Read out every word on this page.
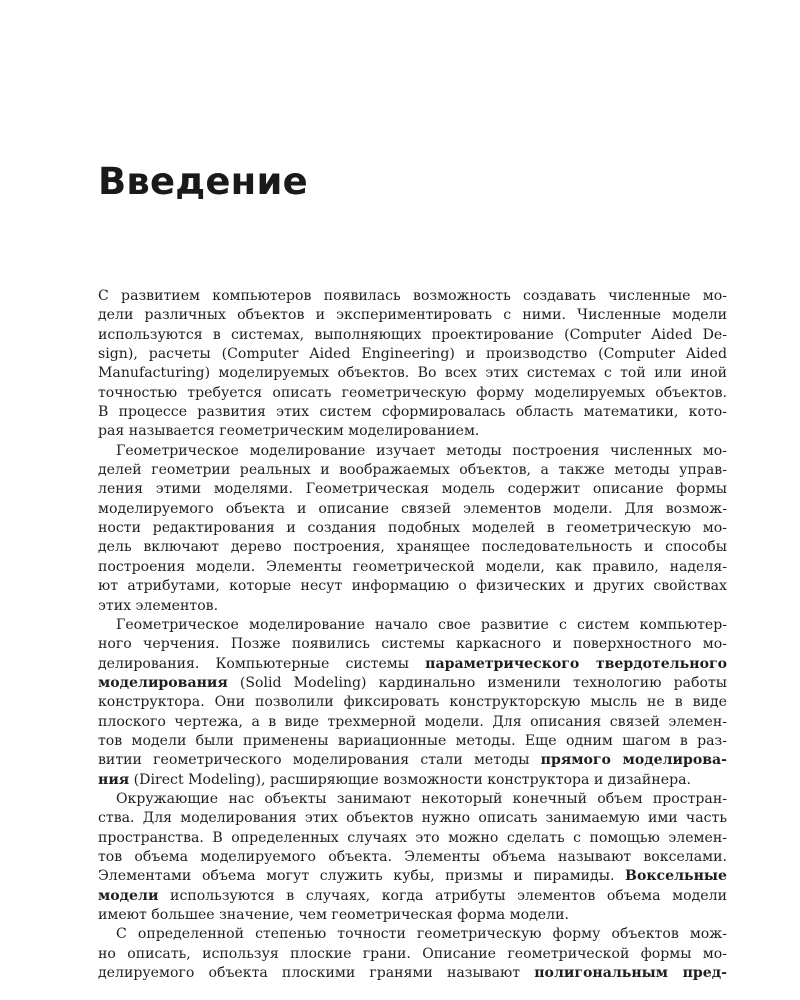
Введение

С развитием компьютеров появилась возможность создавать численные мо-
дели различных объектов и экспериментировать с ними. Численные модели
используются в системах, выполняющих проектирование (Computer Aided De-
sign), расчеты (Computer Aided Engineering) и производство (Computer Aided
Manufacturing) моделируемых объектов. Во всех этих системах с той или иной
точностью требуется описать геометрическую форму моделируемых объектов.
В процессе развития этих систем сформировалась область математики, кото-
рая называется геометрическим моделированием.

Геометрическое моделирование изучает методы построения численных мо-
делей геометрии реальных и воображаемых объектов, а также методы управ-
ления этими моделями. Геометрическая модель содержит описание формы
моделируемого объекта и описание связей элементов модели. Для возмож-
ности редактирования и создания подобных моделей в геометрическую мо-
дель включают дерево построения, хранящее последовательность и способы
построения модели. Элементы геометрической модели, как правило, наделя-
ют атрибутами, которые несут информацию о физических и других свойствах
этих элементов.

Геометрическое моделирование начало свое развитие с систем компьютер-
ного черчения. Позже появились системы каркасного и поверхностного мо-
делирования. Компьютерные системы параметрического твердотельного
моделирования (Solid Modeling) кардинально изменили технологию работы
конструктора. Они позволили фиксировать конструкторскую мысль не в виде
плоского чертежа, а в виде трехмерной модели. Для описания связей элемен-
тов модели были применены вариационные методы. Еще одним шагом в раз-
витии геометрического моделирования стали методы прямого моделирова-
ния (Direct Modeling), расширяющие возможности конструктора и дизайнера.

Окружающие нас объекты занимают некоторый конечный объем простран-
ства. Для моделирования этих объектов нужно описать занимаемую ими часть
пространства. В определенных случаях это можно сделать с помощью элемен-
тов объема моделируемого объекта. Элементы объема называют вокселами.
Элементами объема могут служить кубы, призмы и пирамиды. Воксельные
модели используются в случаях, когда атрибуты элементов объема модели
имеют большее значение, чем геометрическая форма модели.

С определенной степенью точности геометрическую форму объектов мож-
но описать, используя плоские грани. Описание геометрической формы мо-
делируемого объекта плоскими гранями называют полигональным пред-
